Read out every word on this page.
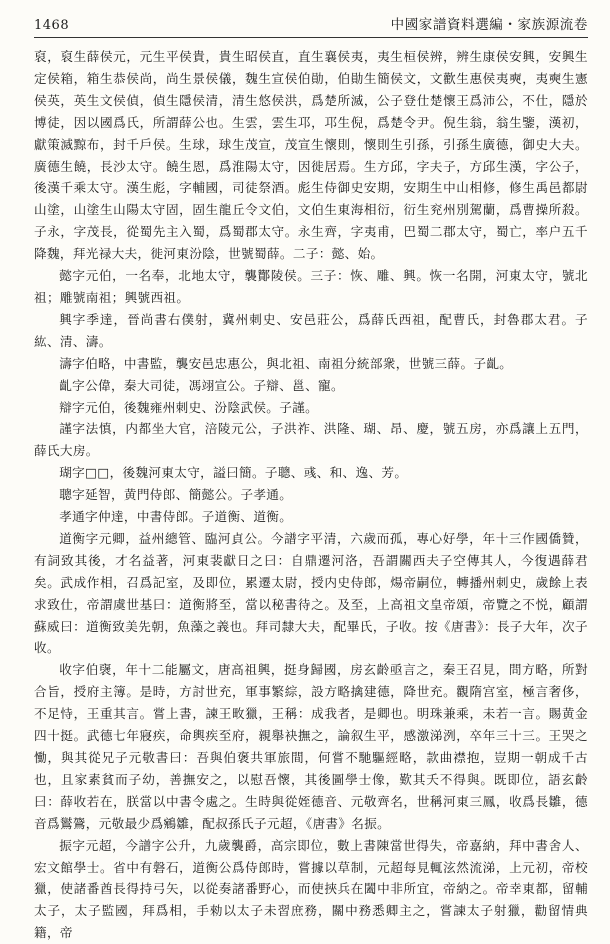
1468	中國家譜資料選編・家族源流卷

裒，裒生薛侯元，元生平侯貴，貴生昭侯直，直生襄侯夷，夷生桓侯辨，辨生康侯安興，安興生定侯箱，箱生恭侯尚，尚生景侯儀，魏生宣侯伯勛，伯勛生簡侯文，文歡生惠侯夷奭，夷奭生憲侯英，英生文侯偵，偵生隱侯清，清生悠侯洪，爲楚所滅，公子登仕楚懷王爲沛公，不仕，隱於博徒，因以國爲氏，所謂薛公也。生雲，雲生邛，邛生倪，爲楚令尹。倪生翁，翁生鑒，漢初，獻策滅黥布，封千戶侯。生球，球生茂宣，茂宣生懷則，懷則生引孫，引孫生廣德，御史大夫。廣德生饒，長沙太守。饒生恩，爲淮陽太守，因徙居焉。生方邱，字夫子，方邱生漢，字公子，後漢千乘太守。漢生彪，字輔國，司徒祭酒。彪生侍御史安期，安期生中山相修，修生禹邑都尉山塗，山塗生山陽太守固，固生龍丘令文伯，文伯生東海相衍，衍生兖州別駕蘭，爲曹操所殺。子永，字茂長，從蜀先主入蜀，爲蜀郡太守。永生齊，字夷甫，巴蜀二郡太守，蜀亡，率户五千降魏，拜光禄大夫，徙河東汾陰，世號蜀薛。二子：懿、始。

懿字元伯，一名奉，北地太守，襲酇陵侯。三子：恢、雕、興。恢一名開，河東太守，號北祖；雕號南祖；興號西祖。

興字季達，晉尚書右僕射，冀州刺史、安邑莊公，爲薛氏西祖，配曹氏，封魯郡太君。子紘、清、濤。

濤字伯略，中書監，襲安邑忠惠公，與北祖、南祖分統部衆，世號三薛。子齓。

齓字公偉，秦大司徒，馮翊宣公。子辯、邕、寵。

辯字元伯，後魏雍州刺史、汾陰武侯。子謹。

謹字法慎，内都坐大官，涪陵元公，子洪祚、洪隆、瑚、昂、慶，號五房，亦爲讓上五門，薛氏大房。

瑚字□□，後魏河東太守，謚曰簡。子聰、彧、和、逸、芳。

聰字延智，黄門侍郎、簡懿公。子孝通。

孝通字仲達，中書侍郎。子道衡、道衡。

道衡字元卿，益州總管、臨河貞公。今譜字平清，六歲而孤，專心好學，年十三作國僑贊，有詞致其後，才名益著，河東裴獻日之曰：自鼎遷河洛，吾謂關西夫子空傳其人，今復遇薛君矣。武成作相，召爲記室，及即位，累遷太尉，授内史侍郎，煬帝嗣位，轉播州刺史，歲餘上表求致仕，帝謂虞世基曰：道衡將至，當以秘書待之。及至，上高祖文皇帝頌，帝覽之不悦，顧謂蘇威曰：道衡致美先朝，魚藻之義也。拜司隸大夫，配畢氏，子收。按《唐書》：長子大年，次子收。

收字伯襃，年十二能屬文，唐高祖興，挺身歸國，房玄齡亟言之，秦王召見，問方略，所對合旨，授府主簿。是時，方討世充，軍事繁綜，設方略擒建德，降世充。觀隋宫室，極言奢侈，不足恃，王重其言。嘗上書，諫王畋獵，王稱：成我者，是卿也。明珠兼乘，未若一言。賜黄金四十挺。武德七年寢疾，命輿疾至府，親舉袂撫之，論叙生平，感激涕洌，卒年三十三。王哭之慟，與其從兄子元敬書曰：吾與伯褒共軍旅間，何嘗不馳驅經略，款曲襟抱，豈期一朝成千古也，且家素貧而子幼，善撫安之，以慰吾懷，其後圖學士像，歎其夭不得與。既即位，語玄齡曰：薛收若在，朕當以中書令處之。生時與從姪德音、元敬齊名，世稱河東三鳳，收爲長雛，德音爲鸑鷟，元敬最少爲鵷雛，配叔孫氏子元超，《唐書》名振。

振字元超，今譜字公升，九歲襲爵，高宗即位，數上書陳當世得失，帝嘉納，拜中書舍人、宏文館學士。省中有磐石，道衡公爲侍郎時，嘗據以草制，元超每見輒泫然流涕，上元初，帝校獵，使諸番酋長得持弓矢，以從奏諸番野心，而使挾兵在闔中非所宜，帝納之。帝幸東都，留輔太子，太子監國，拜爲相，手勑以太子未習庶務，關中務悉卿主之，嘗諫太子射獵，勸留情典籍，帝
